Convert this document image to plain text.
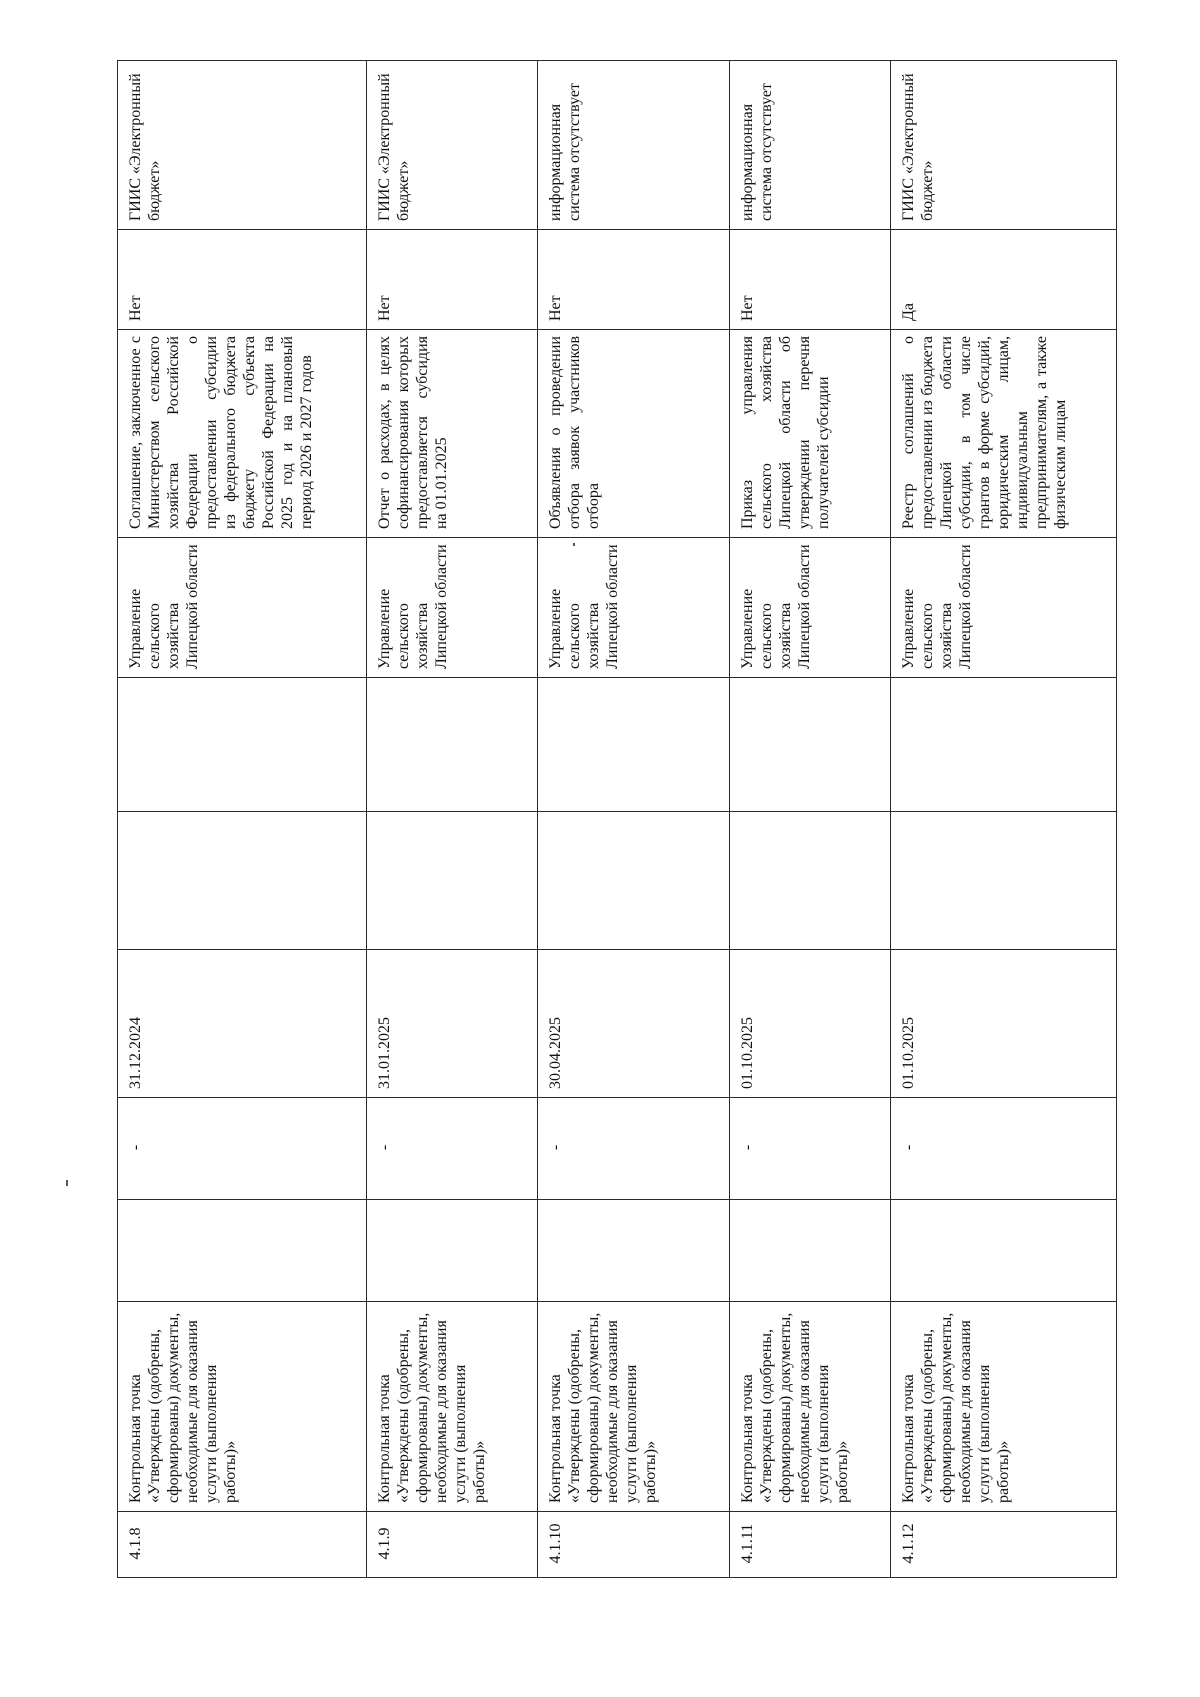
4.1.8	Контрольная точка «Утверждены (одобрены, сформированы) документы, необходимые для оказания услуги (выполнения работы)»		-	31.12.2024			Управление сельского хозяйства Липецкой области	Соглашение, заключенное с Министерством сельского хозяйства Российской Федерации о предоставлении субсидии из федерального бюджета бюджету субъекта Российской Федерации на 2025 год и на плановый период 2026 и 2027 годов	Нет	ГИИС «Электронный бюджет»
4.1.9	Контрольная точка «Утверждены (одобрены, сформированы) документы, необходимые для оказания услуги (выполнения работы)»		-	31.01.2025			Управление сельского хозяйства Липецкой области	Отчет о расходах, в целях софинансирования которых предоставляется субсидия на 01.01.2025	Нет	ГИИС «Электронный бюджет»
4.1.10	Контрольная точка «Утверждены (одобрены, сформированы) документы, необходимые для оказания услуги (выполнения работы)»		-	30.04.2025			Управление сельского хозяйства Липецкой области	Объявления о проведении отбора заявок участников отбора	Нет	информационная система отсутствует
4.1.11	Контрольная точка «Утверждены (одобрены, сформированы) документы, необходимые для оказания услуги (выполнения работы)»		-	01.10.2025			Управление сельского хозяйства Липецкой области	Приказ управления сельского хозяйства Липецкой области об утверждении перечня получателей субсидии	Нет	информационная система отсутствует
4.1.12	Контрольная точка «Утверждены (одобрены, сформированы) документы, необходимые для оказания услуги (выполнения работы)»		-	01.10.2025			Управление сельского хозяйства Липецкой области	Реестр соглашений о предоставлении из бюджета Липецкой области субсидии, в том числе грантов в форме субсидий, юридическим лицам, индивидуальным предпринимателям, а также физическим лицам	Да	ГИИС «Электронный бюджет»
